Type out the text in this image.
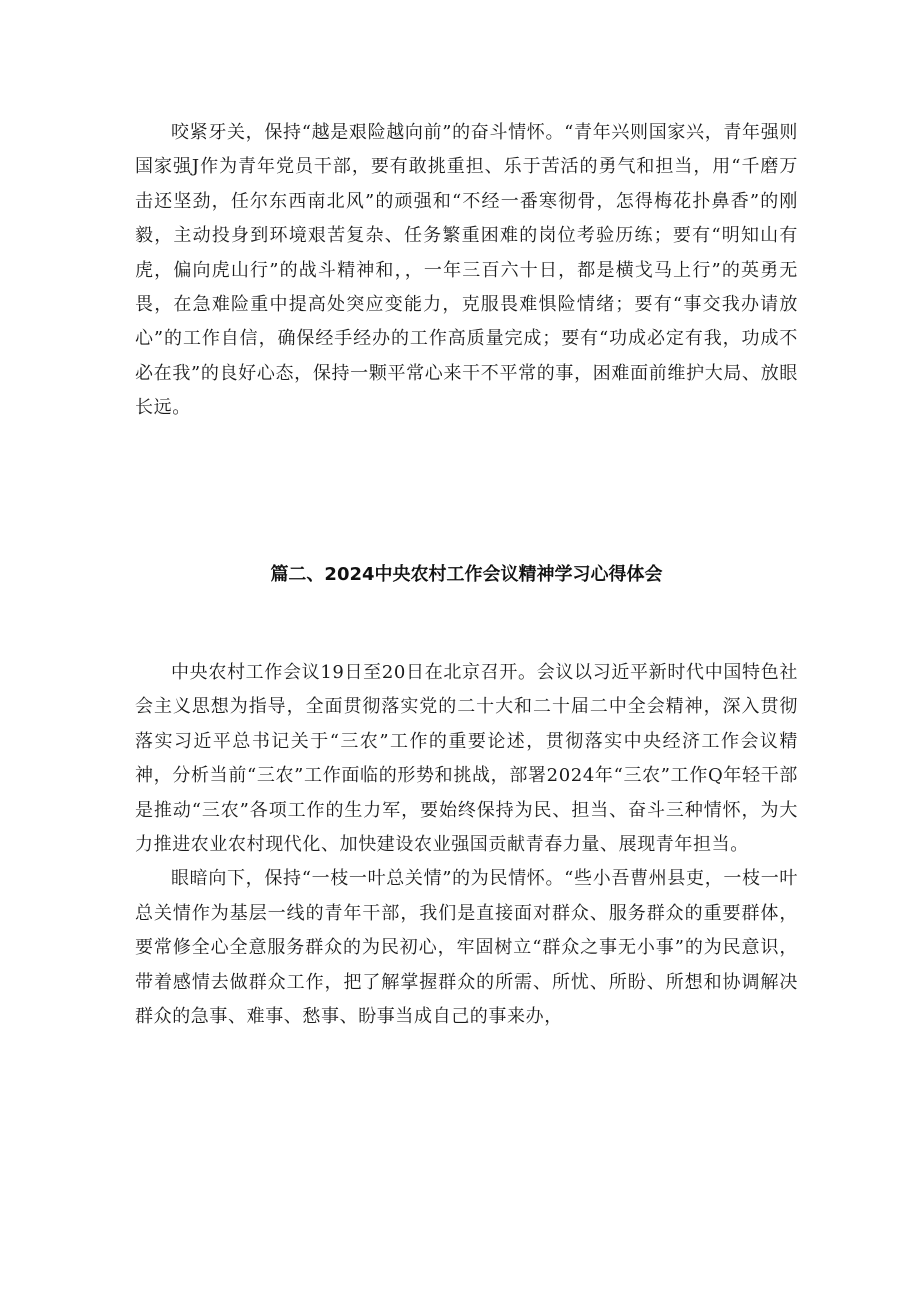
咬紧牙关，保持“越是艰险越向前”的奋斗情怀。“青年兴则国家兴，青年强则国家强J作为青年党员干部，要有敢挑重担、乐于苦活的勇气和担当，用“千磨万击还坚劲，任尔东西南北风”的顽强和“不经一番寒彻骨，怎得梅花扑鼻香”的刚毅，主动投身到环境艰苦复杂、任务繁重困难的岗位考验历练；要有“明知山有虎，偏向虎山行”的战斗精神和，，一年三百六十日，都是横戈马上行”的英勇无畏，在急难险重中提高处突应变能力，克服畏难惧险情绪；要有“事交我办请放心”的工作自信，确保经手经办的工作高质量完成；要有“功成必定有我，功成不必在我”的良好心态，保持一颗平常心来干不平常的事，困难面前维护大局、放眼长远。

篇二、2024中央农村工作会议精神学习心得体会

中央农村工作会议19日至20日在北京召开。会议以习近平新时代中国特色社会主义思想为指导，全面贯彻落实党的二十大和二十届二中全会精神，深入贯彻落实习近平总书记关于“三农”工作的重要论述，贯彻落实中央经济工作会议精神，分析当前“三农”工作面临的形势和挑战，部署2024年“三农”工作Q年轻干部是推动“三农”各项工作的生力军，要始终保持为民、担当、奋斗三种情怀，为大力推进农业农村现代化、加快建设农业强国贡献青春力量、展现青年担当。

眼暗向下，保持“一枝一叶总关情”的为民情怀。“些小吾曹州县吏，一枝一叶总关情作为基层一线的青年干部，我们是直接面对群众、服务群众的重要群体，要常修全心全意服务群众的为民初心，牢固树立“群众之事无小事”的为民意识，带着感情去做群众工作，把了解掌握群众的所需、所忧、所盼、所想和协调解决群众的急事、难事、愁事、盼事当成自己的事来办，
